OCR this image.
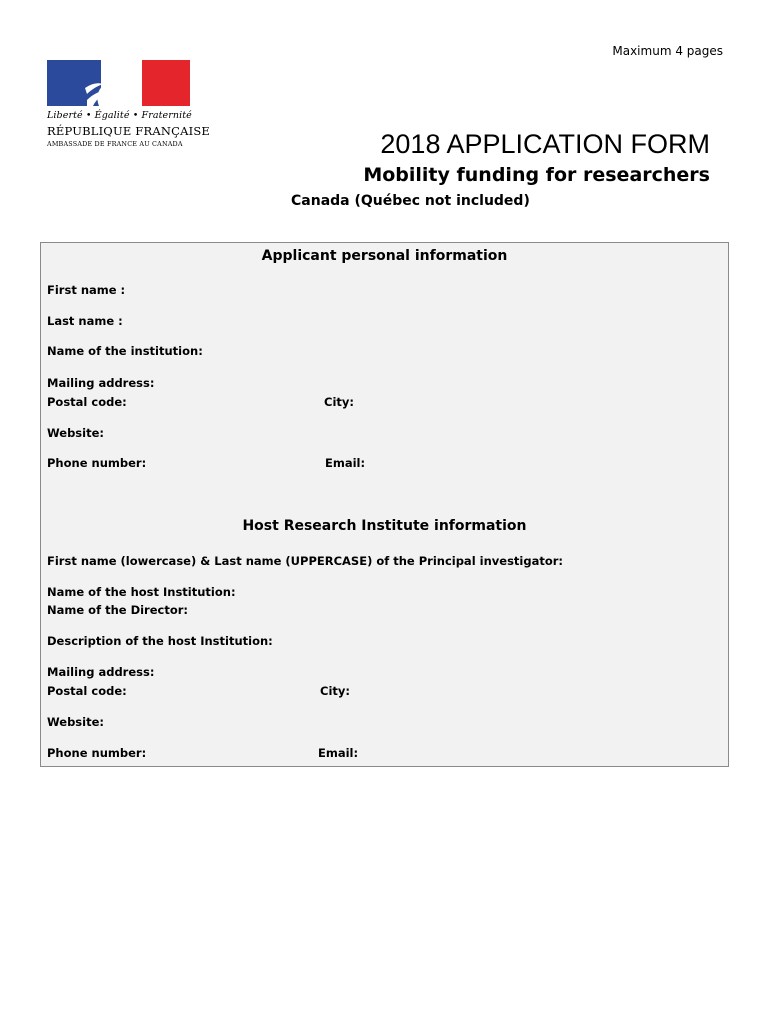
Maximum 4 pages
Liberté • Égalité • Fraternité
RÉPUBLIQUE FRANÇAISE
AMBASSADE DE FRANCE AU CANADA	2018 APPLICATION FORM
Mobility funding for researchers
Canada (Québec not included)
Applicant personal information
First name :
Last name :
Name of the institution:
Mailing address:
Postal code:	City:
Website:
Phone number:	Email:
Host Research Institute information
First name (lowercase) & Last name (UPPERCASE) of the Principal investigator:
Name of the host Institution:
Name of the Director:
Description of the host Institution:
Mailing address:
Postal code:	City:
Website:
Phone number:	Email:
